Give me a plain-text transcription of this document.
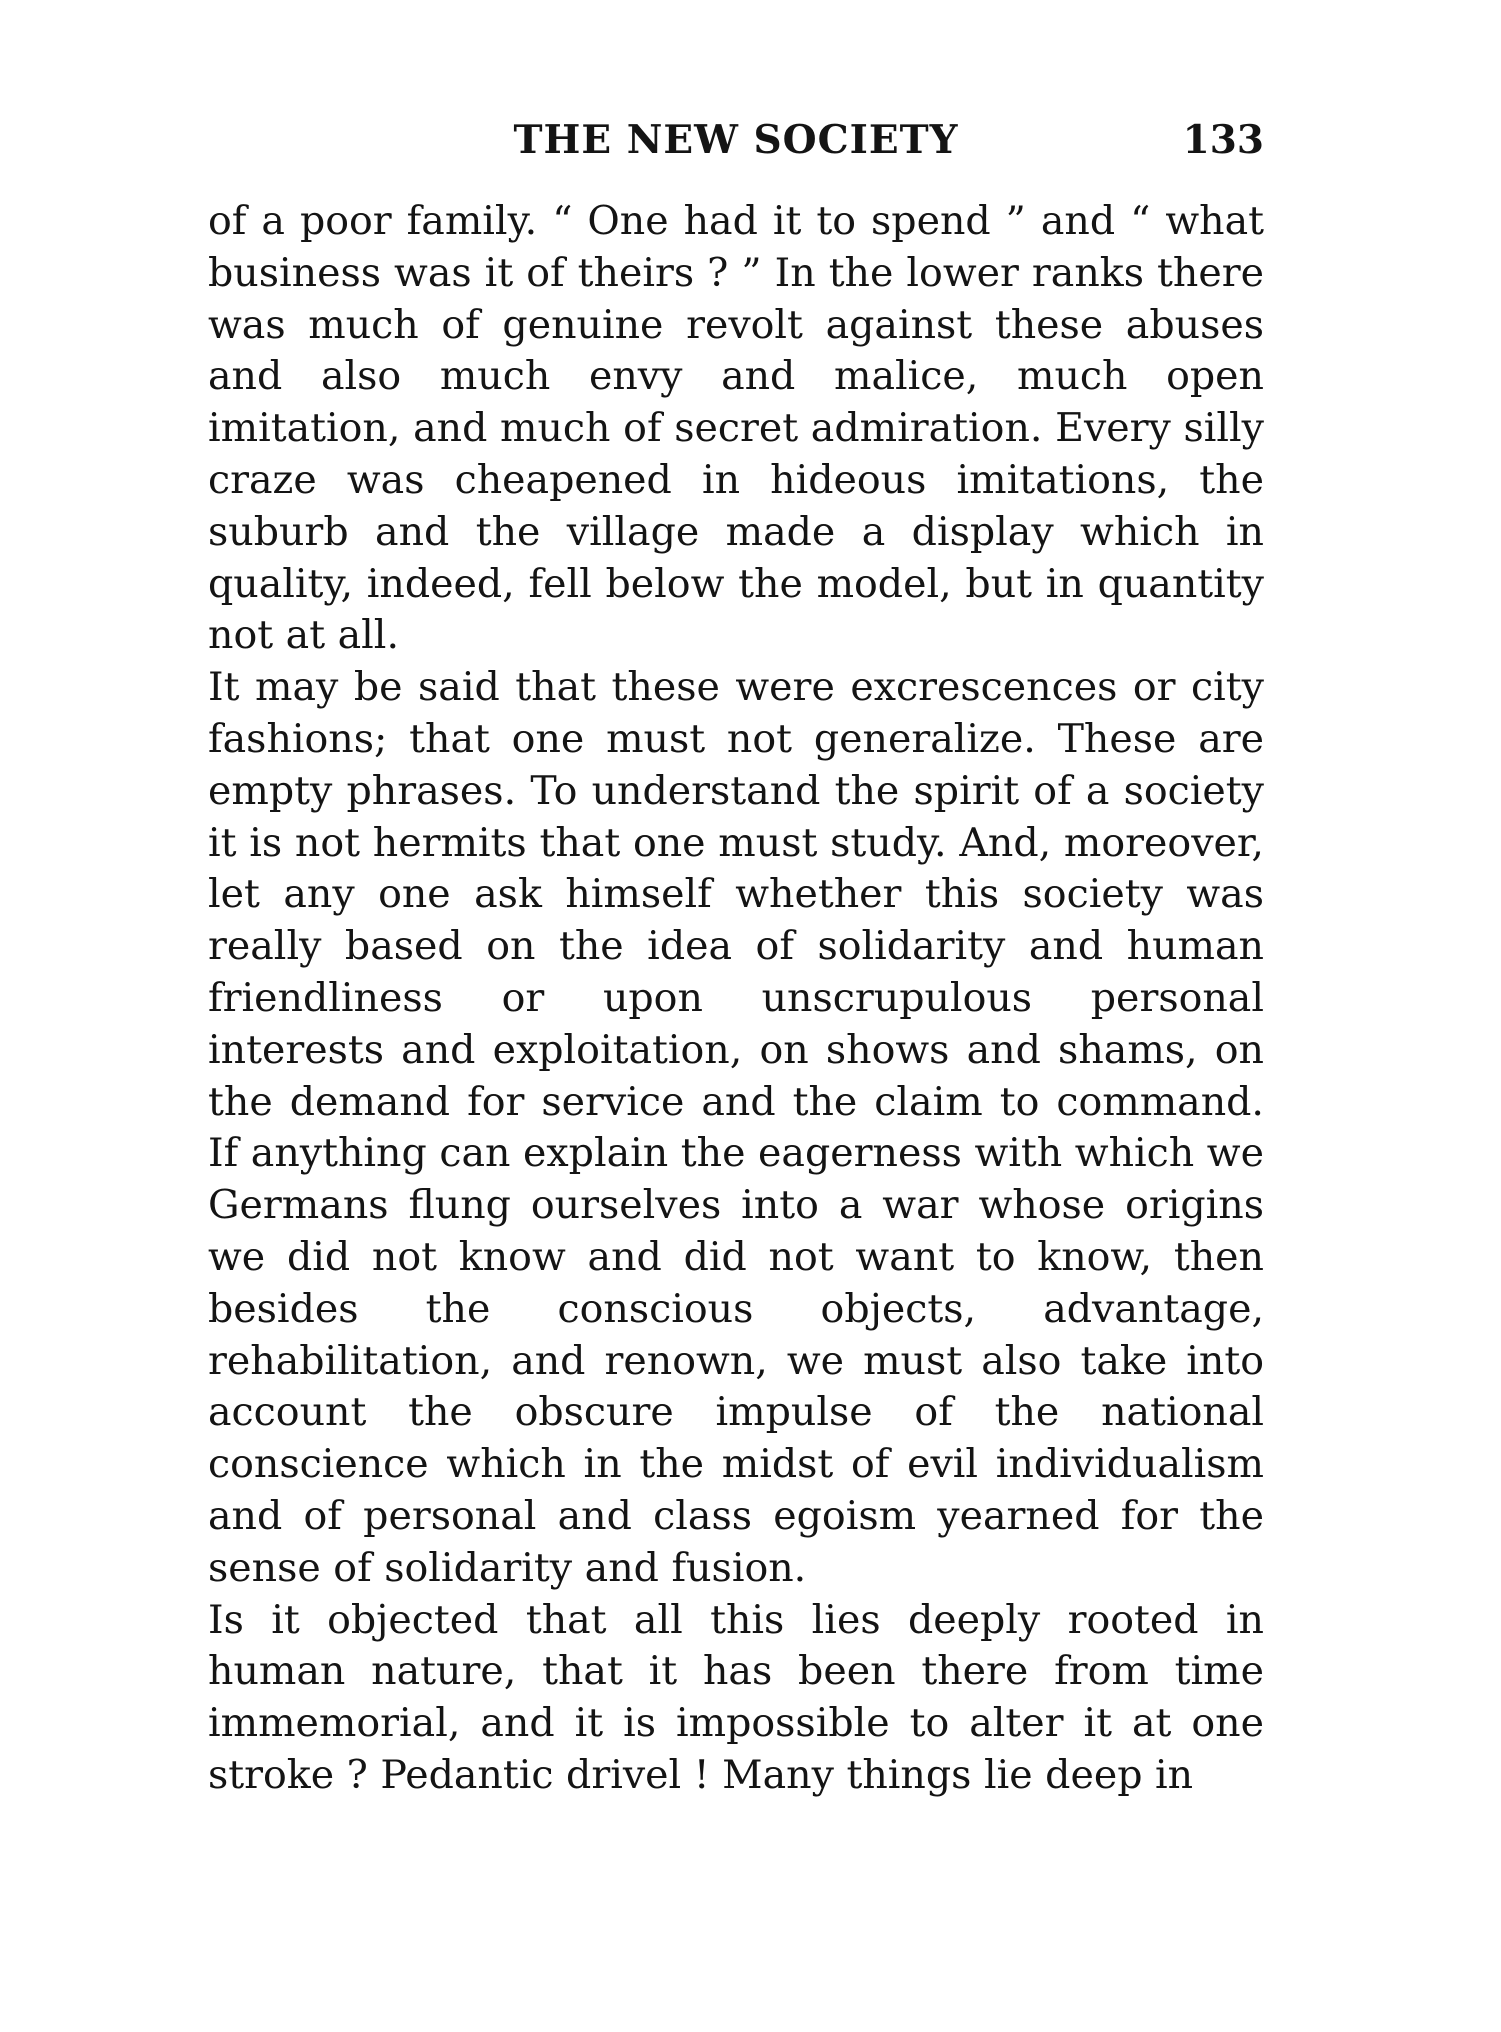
THE NEW SOCIETY	133

of a poor family. “ One had it to spend ” and “ what business was it of theirs ? ” In the lower ranks there was much of genuine revolt against these abuses and also much envy and malice, much open imitation, and much of secret admiration. Every silly craze was cheapened in hideous imitations, the suburb and the village made a display which in quality, indeed, fell below the model, but in quantity not at all.

It may be said that these were excrescences or city fashions; that one must not generalize. These are empty phrases. To understand the spirit of a society it is not hermits that one must study. And, moreover, let any one ask himself whether this society was really based on the idea of solidarity and human friendliness or upon unscrupulous personal interests and exploitation, on shows and shams, on the demand for service and the claim to command. If anything can explain the eagerness with which we Germans flung ourselves into a war whose origins we did not know and did not want to know, then besides the conscious objects, advantage, rehabilitation, and renown, we must also take into account the obscure impulse of the national conscience which in the midst of evil individualism and of personal and class egoism yearned for the sense of solidarity and fusion.

Is it objected that all this lies deeply rooted in human nature, that it has been there from time immemorial, and it is impossible to alter it at one stroke ? Pedantic drivel ! Many things lie deep in
